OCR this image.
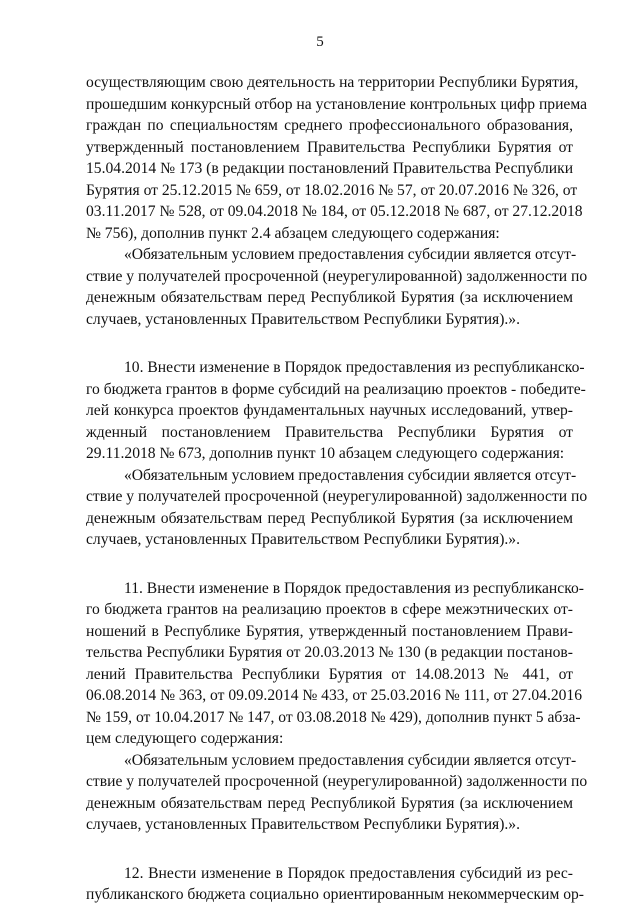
5
осуществляющим свою деятельность на территории Республики Бурятия,
прошедшим конкурсный отбор на установление контрольных цифр приема
граждан по специальностям среднего профессионального образования,
утвержденный постановлением Правительства Республики Бурятия от
15.04.2014 № 173 (в редакции постановлений Правительства Республики
Бурятия от 25.12.2015 № 659, от 18.02.2016 № 57, от 20.07.2016 № 326, от
03.11.2017 № 528, от 09.04.2018 № 184, от 05.12.2018 № 687, от 27.12.2018
№ 756), дополнив пункт 2.4 абзацем следующего содержания:
«Обязательным условием предоставления субсидии является отсут-
ствие у получателей просроченной (неурегулированной) задолженности по
денежным обязательствам перед Республикой Бурятия (за исключением
случаев, установленных Правительством Республики Бурятия).».
10. Внести изменение в Порядок предоставления из республиканско-
го бюджета грантов в форме субсидий на реализацию проектов - победите-
лей конкурса проектов фундаментальных научных исследований, утвер-
жденный постановлением Правительства Республики Бурятия от
29.11.2018 № 673, дополнив пункт 10 абзацем следующего содержания:
«Обязательным условием предоставления субсидии является отсут-
ствие у получателей просроченной (неурегулированной) задолженности по
денежным обязательствам перед Республикой Бурятия (за исключением
случаев, установленных Правительством Республики Бурятия).».
11. Внести изменение в Порядок предоставления из республиканско-
го бюджета грантов на реализацию проектов в сфере межэтнических от-
ношений в Республике Бурятия, утвержденный постановлением Прави-
тельства Республики Бурятия от 20.03.2013 № 130 (в редакции постанов-
лений Правительства Республики Бурятия от 14.08.2013 № 441, от
06.08.2014 № 363, от 09.09.2014 № 433, от 25.03.2016 № 111, от 27.04.2016
№ 159, от 10.04.2017 № 147, от 03.08.2018 № 429), дополнив пункт 5 абза-
цем следующего содержания:
«Обязательным условием предоставления субсидии является отсут-
ствие у получателей просроченной (неурегулированной) задолженности по
денежным обязательствам перед Республикой Бурятия (за исключением
случаев, установленных Правительством Республики Бурятия).».
12. Внести изменение в Порядок предоставления субсидий из рес-
публиканского бюджета социально ориентированным некоммерческим ор-
